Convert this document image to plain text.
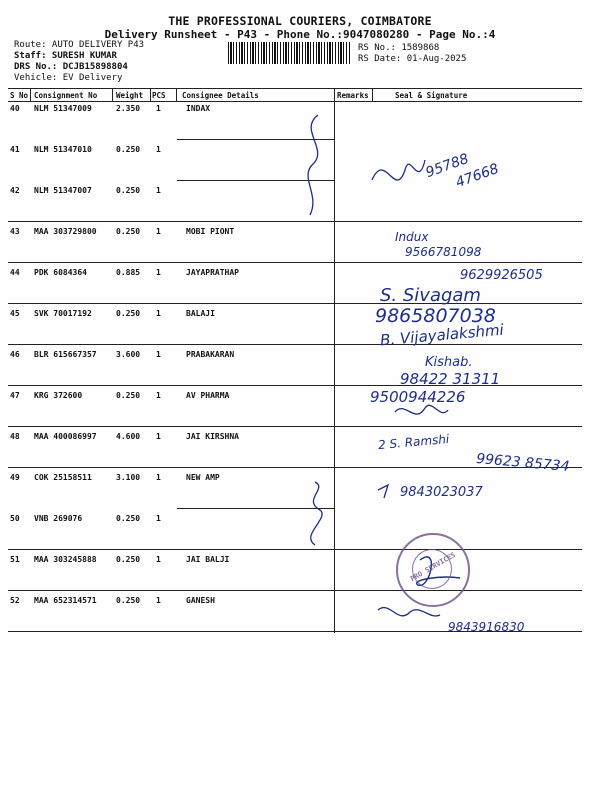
THE PROFESSIONAL COURIERS, COIMBATORE
Delivery Runsheet - P43 - Phone No.:9047080280 - Page No.:4
Route: AUTO DELIVERY P43
Staff: SURESH KUMAR
DRS No.: DCJB15898804
Vehicle: EV Delivery
RS No.: 1589868
RS Date: 01-Aug-2025
S No Consignment No	Weight PCS Consignee Details	Remarks	Seal & Signature
40 NLM 51347009	2.350 1	INDAX
41 NLM 51347010	0.250 1
42 NLM 51347007	0.250 1
43 MAA 303729800 0.250 1	MOBI PIONT
44 PDK 6084364	0.885 1	JAYAPRATHAP
45 SVK 70017192	0.250 1	BALAJI
46 BLR 615667357 3.600 1	PRABAKARAN
47 KRG 372600	0.250 1	AV PHARMA
48 MAA 400086997 4.600 1	JAI KIRSHNA
49 COK 25158511	3.100 1	NEW AMP
50 VNB 269076	0.250 1
51 MAA 303245888 0.250 1	JAI BALJI
52 MAA 652314571 0.250 1	GANESH
95788
47668
Indux
9566781098
9629926505
S. Sivagam
9865807038
B. Vijayalakshmi
Kishab.
98422 31311
9500944226
2 S. Ramshi
99623 85734
9843023037
9843916830
PRO SERVICES
